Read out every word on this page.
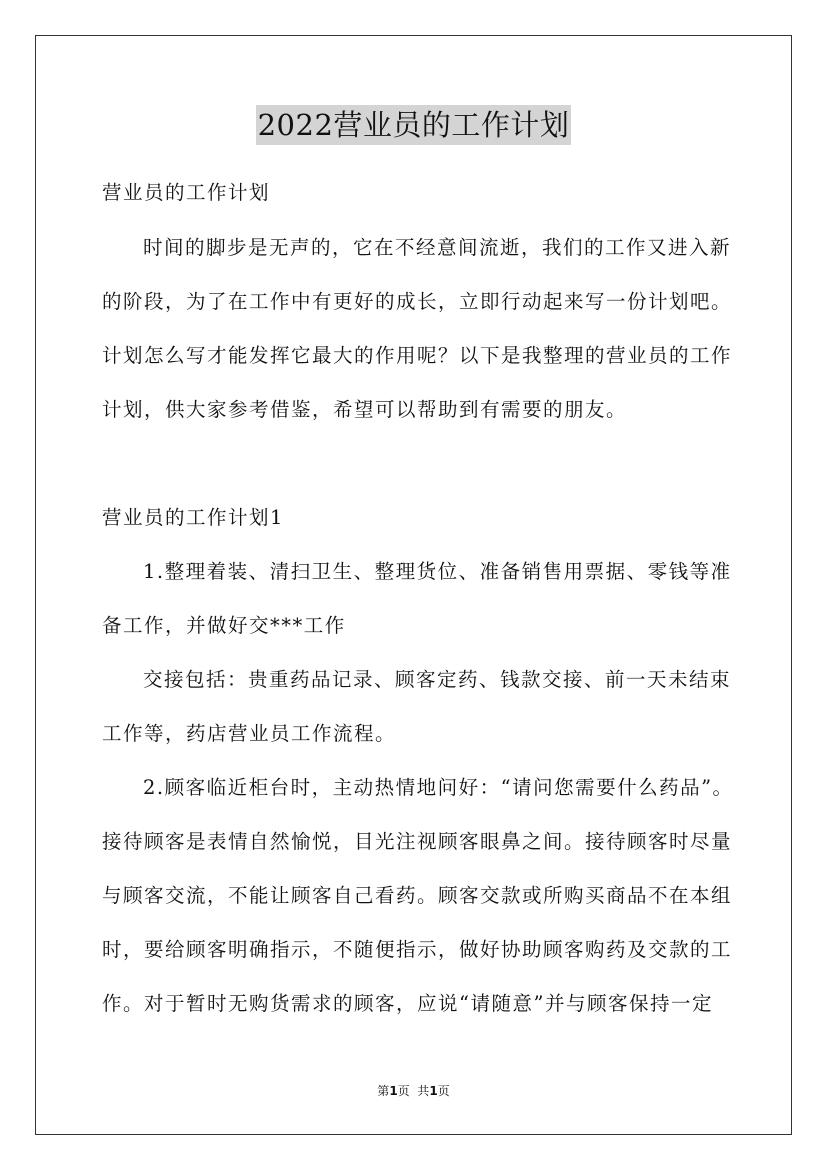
2022营业员的工作计划
营业员的工作计划
时间的脚步是无声的，它在不经意间流逝，我们的工作又进入新
的阶段，为了在工作中有更好的成长，立即行动起来写一份计划吧。
计划怎么写才能发挥它最大的作用呢？以下是我整理的营业员的工作
计划，供大家参考借鉴，希望可以帮助到有需要的朋友。
营业员的工作计划1
1.整理着装、清扫卫生、整理货位、准备销售用票据、零钱等准
备工作，并做好交***工作
交接包括：贵重药品记录、顾客定药、钱款交接、前一天未结束
工作等，药店营业员工作流程。
2.顾客临近柜台时，主动热情地问好：“请问您需要什么药品”。
接待顾客是表情自然愉悦，目光注视顾客眼鼻之间。接待顾客时尽量
与顾客交流，不能让顾客自己看药。顾客交款或所购买商品不在本组
时，要给顾客明确指示，不随便指示，做好协助顾客购药及交款的工
作。对于暂时无购货需求的顾客，应说“请随意”并与顾客保持一定
第1页  共1页
